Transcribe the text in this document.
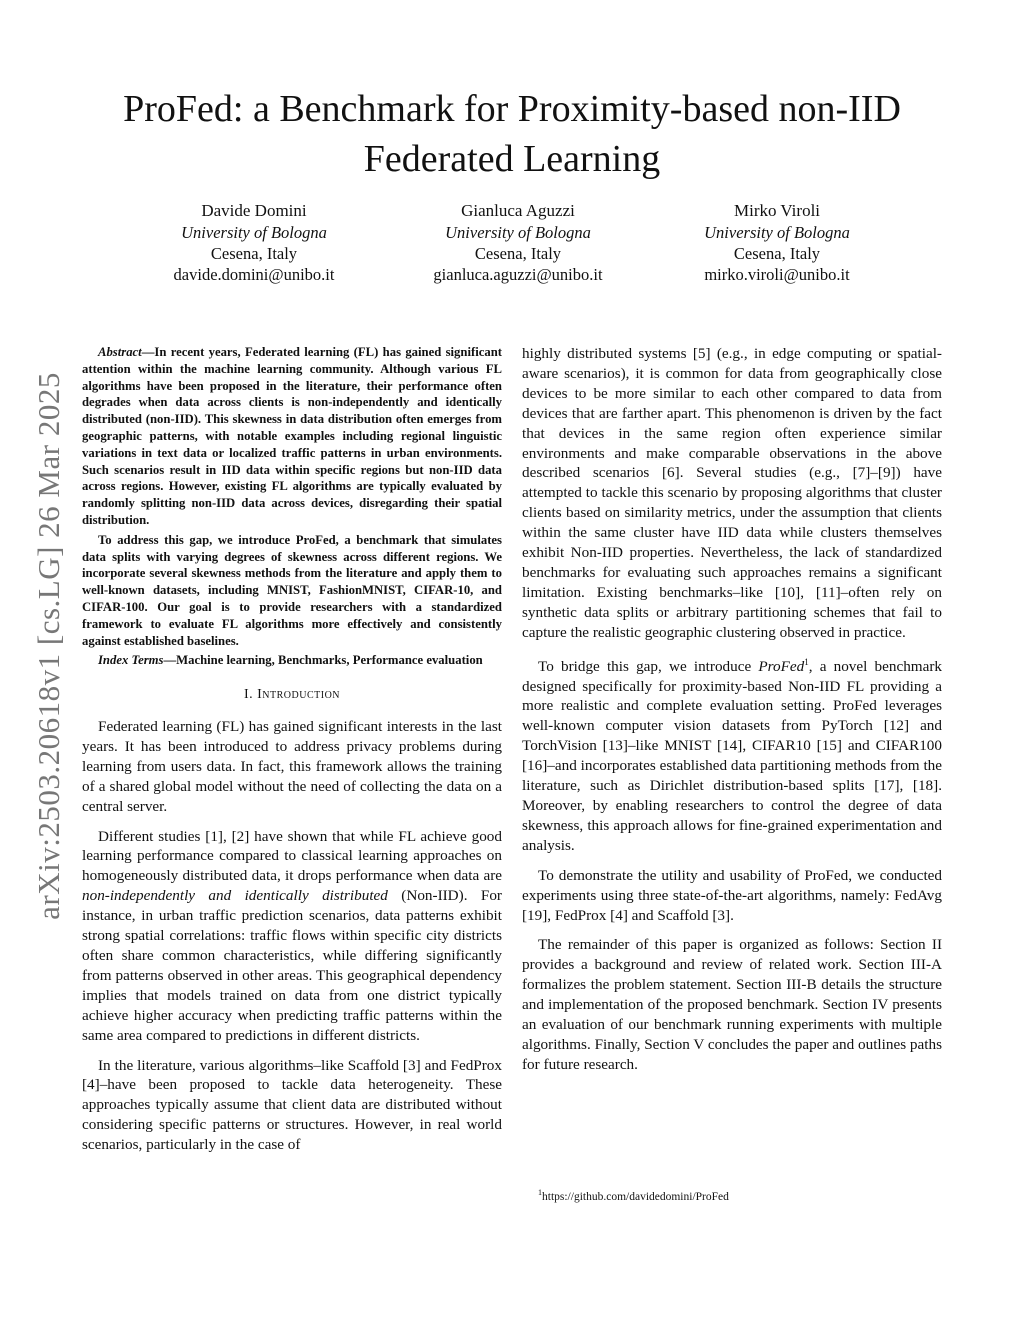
ProFed: a Benchmark for Proximity-based non-IID Federated Learning
Davide Domini
University of Bologna
Cesena, Italy
davide.domini@unibo.it
Gianluca Aguzzi
University of Bologna
Cesena, Italy
gianluca.aguzzi@unibo.it
Mirko Viroli
University of Bologna
Cesena, Italy
mirko.viroli@unibo.it
arXiv:2503.20618v1 [cs.LG] 26 Mar 2025

Abstract—In recent years, Federated learning (FL) has gained significant attention within the machine learning community. Although various FL algorithms have been proposed in the literature, their performance often degrades when data across clients is non-independently and identically distributed (non-IID). This skewness in data distribution often emerges from geographic patterns, with notable examples including regional linguistic variations in text data or localized traffic patterns in urban environments. Such scenarios result in IID data within specific regions but non-IID data across regions. However, existing FL algorithms are typically evaluated by randomly splitting non-IID data across devices, disregarding their spatial distribution.

To address this gap, we introduce ProFed, a benchmark that simulates data splits with varying degrees of skewness across different regions. We incorporate several skewness methods from the literature and apply them to well-known datasets, including MNIST, FashionMNIST, CIFAR-10, and CIFAR-100. Our goal is to provide researchers with a standardized framework to evaluate FL algorithms more effectively and consistently against established baselines.

Index Terms—Machine learning, Benchmarks, Performance evaluation

I. Introduction

Federated learning (FL) has gained significant interests in the last years. It has been introduced to address privacy problems during learning from users data. In fact, this framework allows the training of a shared global model without the need of collecting the data on a central server.

Different studies [1], [2] have shown that while FL achieve good learning performance compared to classical learning approaches on homogeneously distributed data, it drops performance when data are non-independently and identically distributed (Non-IID). For instance, in urban traffic prediction scenarios, data patterns exhibit strong spatial correlations: traffic flows within specific city districts often share common characteristics, while differing significantly from patterns observed in other areas. This geographical dependency implies that models trained on data from one district typically achieve higher accuracy when predicting traffic patterns within the same area compared to predictions in different districts.

In the literature, various algorithms–like Scaffold [3] and FedProx [4]–have been proposed to tackle data heterogeneity. These approaches typically assume that client data are distributed without considering specific patterns or structures. However, in real world scenarios, particularly in the case of

highly distributed systems [5] (e.g., in edge computing or spatial-aware scenarios), it is common for data from geographically close devices to be more similar to each other compared to data from devices that are farther apart. This phenomenon is driven by the fact that devices in the same region often experience similar environments and make comparable observations in the above described scenarios [6]. Several studies (e.g., [7]–[9]) have attempted to tackle this scenario by proposing algorithms that cluster clients based on similarity metrics, under the assumption that clients within the same cluster have IID data while clusters themselves exhibit Non-IID properties. Nevertheless, the lack of standardized benchmarks for evaluating such approaches remains a significant limitation. Existing benchmarks–like [10], [11]–often rely on synthetic data splits or arbitrary partitioning schemes that fail to capture the realistic geographic clustering observed in practice.

To bridge this gap, we introduce ProFed$^1$, a novel benchmark designed specifically for proximity-based Non-IID FL providing a more realistic and complete evaluation setting. ProFed leverages well-known computer vision datasets from PyTorch [12] and TorchVision [13]–like MNIST [14], CIFAR10 [15] and CIFAR100 [16]–and incorporates established data partitioning methods from the literature, such as Dirichlet distribution-based splits [17], [18]. Moreover, by enabling researchers to control the degree of data skewness, this approach allows for fine-grained experimentation and analysis.

To demonstrate the utility and usability of ProFed, we conducted experiments using three state-of-the-art algorithms, namely: FedAvg [19], FedProx [4] and Scaffold [3].

The remainder of this paper is organized as follows: Section II provides a background and review of related work. Section III-A formalizes the problem statement. Section III-B details the structure and implementation of the proposed benchmark. Section IV presents an evaluation of our benchmark running experiments with multiple algorithms. Finally, Section V concludes the paper and outlines paths for future research.

$^1$https://github.com/davidedomini/ProFed
